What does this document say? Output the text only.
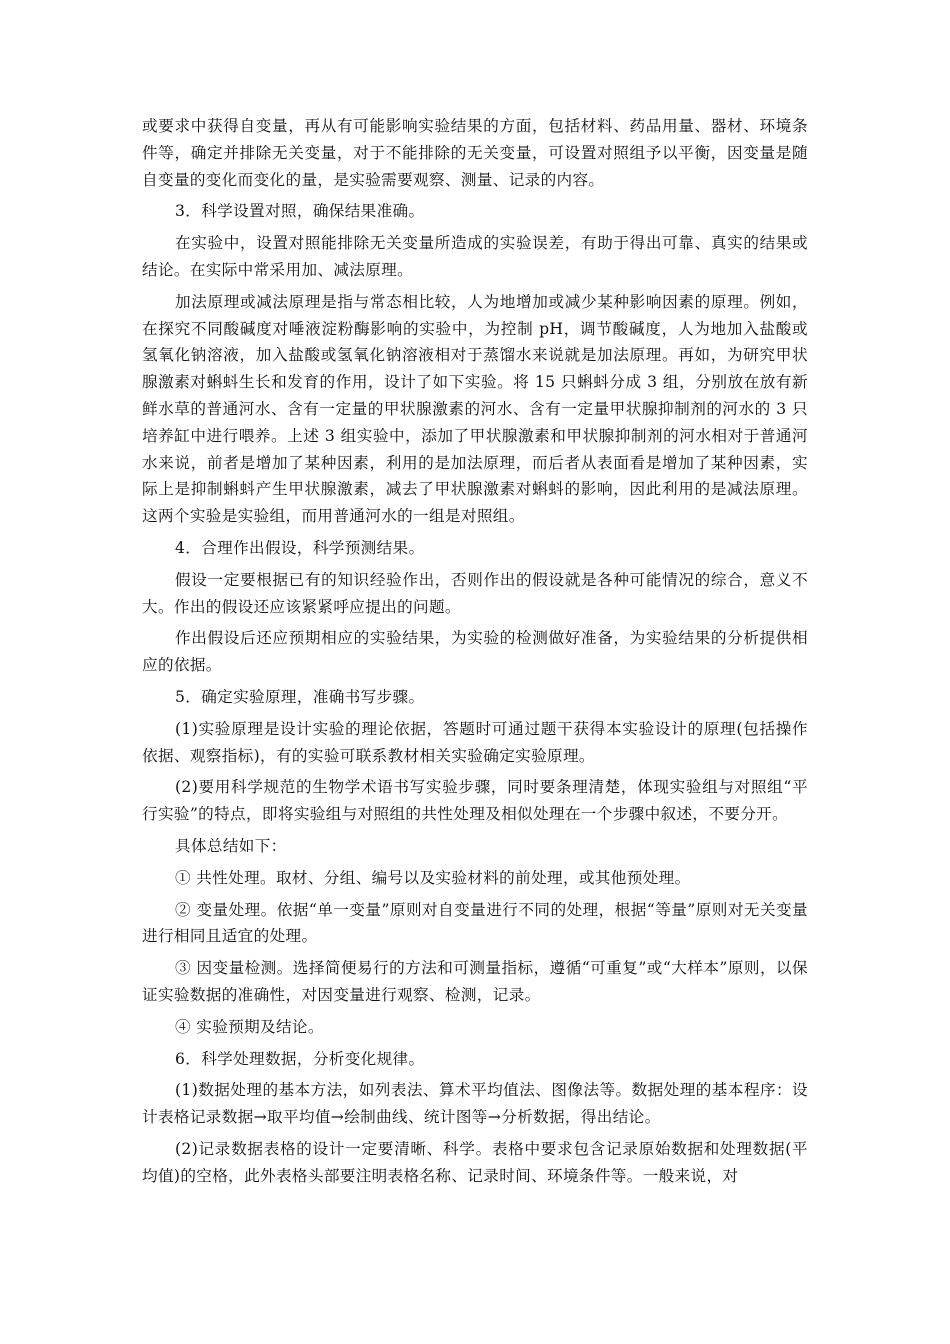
或要求中获得自变量，再从有可能影响实验结果的方面，包括材料、药品用量、器材、环境条件等，确定并排除无关变量，对于不能排除的无关变量，可设置对照组予以平衡，因变量是随自变量的变化而变化的量，是实验需要观察、测量、记录的内容。

3．科学设置对照，确保结果准确。

在实验中，设置对照能排除无关变量所造成的实验误差，有助于得出可靠、真实的结果或结论。在实际中常采用加、减法原理。

加法原理或减法原理是指与常态相比较，人为地增加或减少某种影响因素的原理。例如，在探究不同酸碱度对唾液淀粉酶影响的实验中，为控制 pH，调节酸碱度，人为地加入盐酸或氢氧化钠溶液，加入盐酸或氢氧化钠溶液相对于蒸馏水来说就是加法原理。再如，为研究甲状腺激素对蝌蚪生长和发育的作用，设计了如下实验。将 15 只蝌蚪分成 3 组，分别放在放有新鲜水草的普通河水、含有一定量的甲状腺激素的河水、含有一定量甲状腺抑制剂的河水的 3 只培养缸中进行喂养。上述 3 组实验中，添加了甲状腺激素和甲状腺抑制剂的河水相对于普通河水来说，前者是增加了某种因素，利用的是加法原理，而后者从表面看是增加了某种因素，实际上是抑制蝌蚪产生甲状腺激素，减去了甲状腺激素对蝌蚪的影响，因此利用的是减法原理。这两个实验是实验组，而用普通河水的一组是对照组。

4．合理作出假设，科学预测结果。

假设一定要根据已有的知识经验作出，否则作出的假设就是各种可能情况的综合，意义不大。作出的假设还应该紧紧呼应提出的问题。

作出假设后还应预期相应的实验结果，为实验的检测做好准备，为实验结果的分析提供相应的依据。

5．确定实验原理，准确书写步骤。

(1)实验原理是设计实验的理论依据，答题时可通过题干获得本实验设计的原理(包括操作依据、观察指标)，有的实验可联系教材相关实验确定实验原理。

(2)要用科学规范的生物学术语书写实验步骤，同时要条理清楚，体现实验组与对照组“平行实验”的特点，即将实验组与对照组的共性处理及相似处理在一个步骤中叙述，不要分开。

具体总结如下：

① 共性处理。取材、分组、编号以及实验材料的前处理，或其他预处理。

② 变量处理。依据“单一变量”原则对自变量进行不同的处理，根据“等量”原则对无关变量进行相同且适宜的处理。

③ 因变量检测。选择简便易行的方法和可测量指标，遵循“可重复”或“大样本”原则，以保证实验数据的准确性，对因变量进行观察、检测，记录。

④ 实验预期及结论。

6．科学处理数据，分析变化规律。

(1)数据处理的基本方法，如列表法、算术平均值法、图像法等。数据处理的基本程序：设计表格记录数据→取平均值→绘制曲线、统计图等→分析数据，得出结论。

(2)记录数据表格的设计一定要清晰、科学。表格中要求包含记录原始数据和处理数据(平均值)的空格，此外表格头部要注明表格名称、记录时间、环境条件等。一般来说，对
